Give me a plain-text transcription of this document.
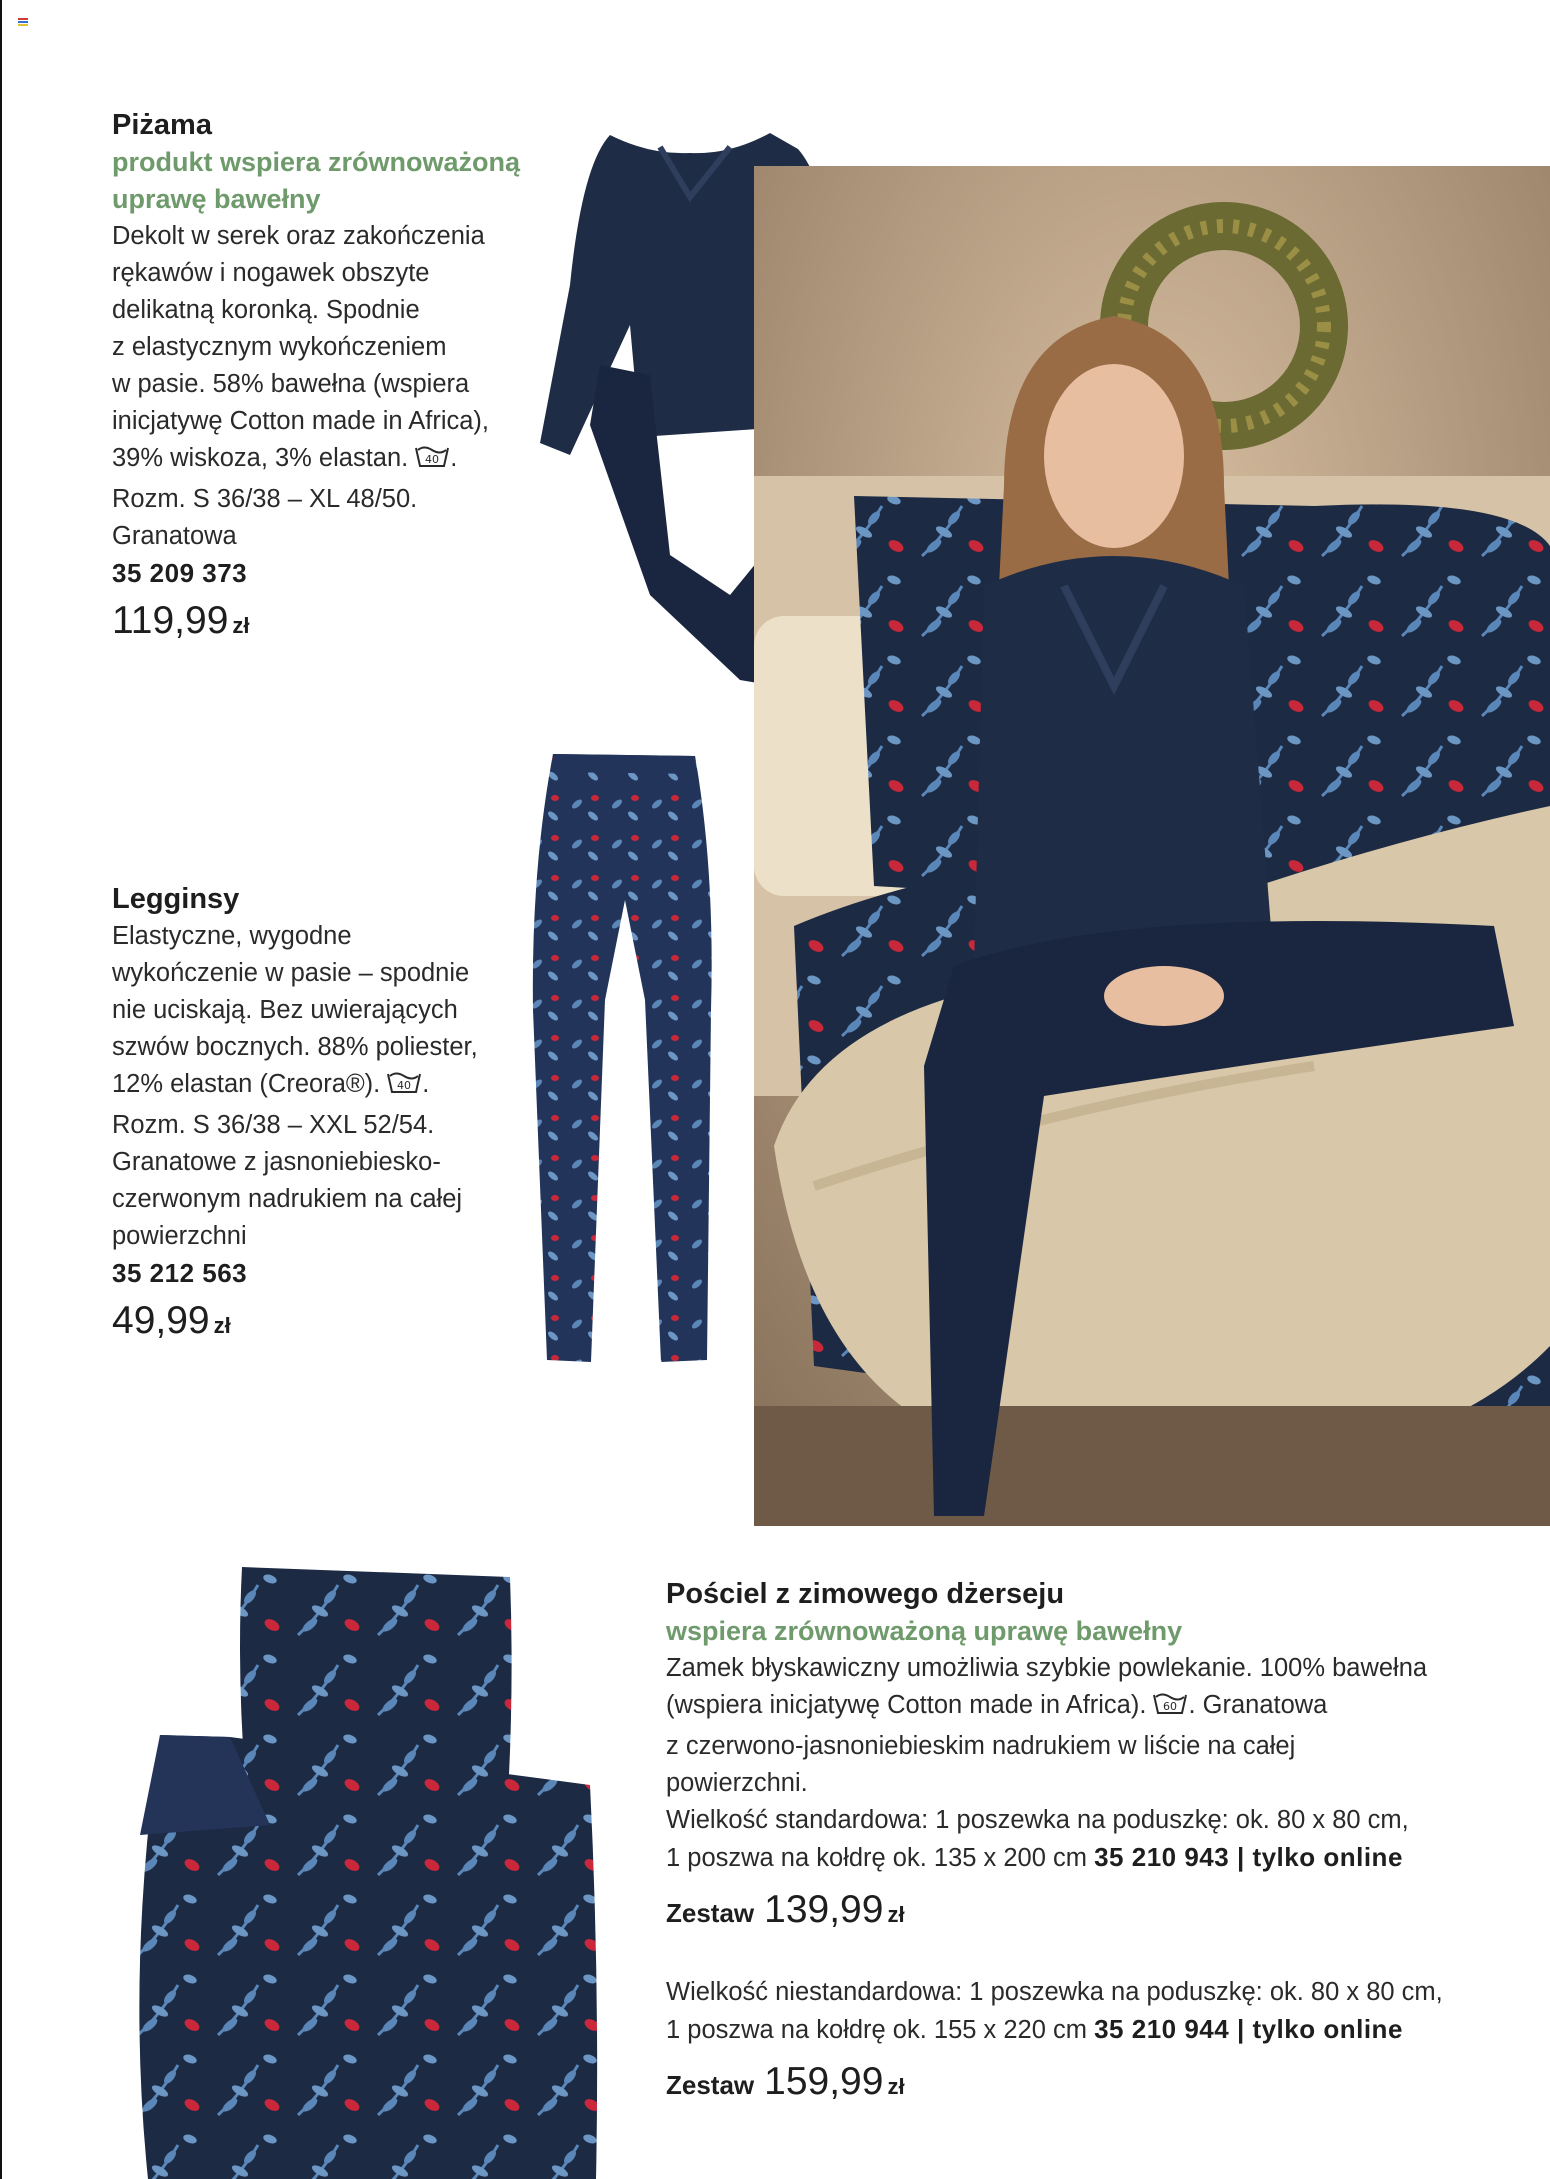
Piżama
produkt wspiera zrównoważoną
uprawę bawełny
Dekolt w serek oraz zakończenia
rękawów i nogawek obszyte
delikatną koronką. Spodnie
z elastycznym wykończeniem
w pasie. 58% bawełna (wspiera
inicjatywę Cotton made in Africa),
39% wiskoza, 3% elastan. 40 .
Rozm. S 36/38 – XL 48/50.
Granatowa
35 209 373
119,99 zł
Legginsy
Elastyczne, wygodne
wykończenie w pasie – spodnie
nie uciskają. Bez uwierających
szwów bocznych. 88% poliester,
12% elastan (Creora®). 40 .
Rozm. S 36/38 – XXL 52/54.
Granatowe z jasnoniebiesko-
czerwonym nadrukiem na całej
powierzchni
35 212 563
49,99 zł
Pościel z zimowego dżerseju
wspiera zrównoważoną uprawę bawełny
Zamek błyskawiczny umożliwia szybkie powlekanie. 100% bawełna
(wspiera inicjatywę Cotton made in Africa). 60 . Granatowa
z czerwono-jasnoniebieskim nadrukiem w liście na całej
powierzchni.
Wielkość standardowa: 1 poszewka na poduszkę: ok. 80 x 80 cm,
1 poszwa na kołdrę ok. 135 x 200 cm 35 210 943 | tylko online
Zestaw 139,99 zł
Wielkość niestandardowa: 1 poszewka na poduszkę: ok. 80 x 80 cm,
1 poszwa na kołdrę ok. 155 x 220 cm 35 210 944 | tylko online
Zestaw 159,99 zł
